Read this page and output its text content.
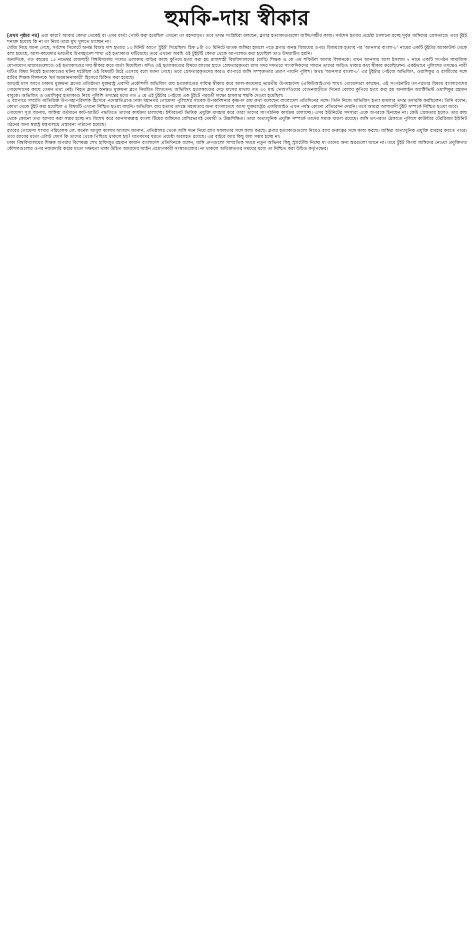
হুমকি-দায় স্বীকার

[প্রথম পৃষ্ঠার পর] এরা কারা? আবার কোথা থেকেই বা এসব বার্তা পোস্ট করা হয়েছিল এখনো তা রহস্যাবৃত। তবে তদন্ত সংশ্লিষ্টরা বলছেন, ব্লগার হত্যাকাণ্ডগুলো জঙ্গিগোষ্ঠীর কাজ। সর্বশেষ হত্যায় প্রচেষ্টা চালানো হচ্ছে দুর্বৃত্ত জঙ্গিদের গ্রেফতারে। তবে টুইট শনাক্ত হয়েছে কি না তা নিয়ে তারা মুখ খুলতে চাচ্ছেন না।

খোঁজ নিয়ে জানা গেছে, সর্বশেষ সিলেটে অনন্ত বিজয় দাশ হত্যার ১৩ মিনিট আগে 'টুইট' দিয়েছিল। ঠিক ৮টা ৩০ মিনিটে ঘাতক জঙ্গিরা হামলে পড়ে ব্লগার অনন্ত বিজয়ের ওপর। বিজয়কে হত্যার পর 'আনসার বাংলা-৮' নামের একটি টুইটার অ্যাকাউন্ট থেকে বলা হয়েছে, আল-কায়েদার ভারতীয় উপমহাদেশ শাখা এই হত্যাকাণ্ড ঘটিয়েছে। তবে এখনো অবধি ওই টুইটটি কোথা থেকে আপলোড করা হয়েছিল তাও উদঘাটিত হয়নি।

অন্যদিকে, গত বছরের ১৫ নভেম্বর রাজশাহী বিশ্ববিদ্যালয় সংলগ্ন এলাকায় বাড়ির কাছে কুপিয়ে হত্যা করা হয় রাজশাহী বিশ্ববিদ্যালয়ের (রাবি) শিক্ষক এ কে এম শফিউল আলম লিলনকে। তখন আনসার আল ইসলাম ৭ নামে একটি সংগঠন সামাজিক যোগাযোগ মাধ্যমগুলোতে ওই হত্যাকাণ্ডের দায় স্বীকার করে বার্তা দিয়েছিল। যদিও ওই হত্যাকাণ্ডের বিষয়ে র‌্যাবের হাতে গ্রেফতারকৃতরা র‌্যাব সদর দফতরে সাংবাদিকদের সামনে তাদের জড়িত থাকার কথা স্বীকার করেছিলেন। একইভাবে পুলিশের তদন্তেও নারী ঘটিত বিষয় নিয়েই হত্যাকাণ্ডের ঘটনা ঘটেছিল ওই বিষয়টি উঠে এসেছে বলে জানা গেছে। তবে গ্রেফতারকৃতদের কারও ব্যাপারে জঙ্গি সম্পৃক্ততার প্রমাণ পায়নি পুলিশ। অথচ 'আনসার বাংলা-৮' এর টুইটার পেইজে অভিজিৎ, ওয়াশিকুর ও রাজীবের সঙ্গে রাবির শিক্ষক লিলনকে 'ধর্ম অবমাননাকারী' হিসেবে চিহ্নিত করা হয়েছে।

আড়াই মাস আগে ঢাকায় মুক্তমনা ব্লগের প্রতিষ্ঠাতা যুক্তরাষ্ট্র প্রবাসী প্রকৌশলী অভিজিৎ রায় হত্যাকাণ্ডের দায়িত্ব স্বীকার করে আল-কায়েদার ভারতীয় উপমহাদেশ (একিউআইএস) শাখা। গোয়েন্দারা বলছেন, এই সংগঠনটির তৎপরতার বিষয়ে বাংলাদেশের গোয়েন্দাদের কাছে তেমন তথ্য নেই। নিহত ব্লগার অনন্তও মুক্তমনা ব্লগে নিয়মিত লিখতেন। অভিজিৎ হত্যাকাণ্ডের দেড় মাসের মাথায় গত ৩০ মার্চ তেজগাঁওয়ের বেগুনবাড়ীতে দিনের বেলায় কুপিয়ে হত্যা করা হয় অনলাইন অ্যাক্টিভিস্ট ওয়াশিকুর রহমান বাবুকে। অভিজিৎ ও ওয়াশিকুর হত্যাকাণ্ড নিয়ে পুলিশি তদন্তের মধ্যে গত ৫ মে এই টুইটার পেইজে এক টুইটে পরবর্তী লক্ষ্যে হামলার হুমকি দেওয়া হয়েছিল।

এ ব্যাপারে সম্প্রতি অতিরিক্ত উপ-মহাপরিদর্শক হিসেবে পদোন্নতিপ্রাপ্ত ঢাকা মহানগর গোয়েন্দা পুলিশের সাবেক উপকমিশনার কৃষ্ণপদ রায় কথা বলেছেন বাংলাদেশ প্রতিদিনের সঙ্গে। তিনি নিজে অভিজিৎ হত্যা মামলার তদন্ত তদারকি করছিলেন। তিনি বলেন, কোথা থেকে টুইট করা হয়েছিল এ বিষয়টি এখনো নিশ্চিত হওয়া যায়নি। অভিজিৎ রায় হত্যার তদন্তে সহায়তার জন্য বাংলাদেশে আসা যুক্তরাষ্ট্রের এফবিআইও এখন পর্যন্ত কোনো প্রতিবেদন দেয়নি। তবে আমরা আশাবাদী টুইট সম্পর্কে নিশ্চিত হওয়া যাবে।

গোয়েন্দা সূত্র জানায়, জঙ্গিরা বর্তমানে কাট-আউট পদ্ধতিতে তাদের কার্যক্রম চালাচ্ছে। ইন্টারনেট ভিত্তিক প্রযুক্তি ব্যবহার করে তারা তাদের সাংগঠনিক কার্যক্রম চালাচ্ছে। এসব ইউনিটের সদস্যরা একে অপরকে চিনছেন না। কেউ গ্রেফতার হলেও তার কাছ থেকে কোনো তথ্য আদায় করা সম্ভব হচ্ছে না। বিশেষ করে আনসারুল্লাহ বাংলা টিমের জঙ্গিদের বেশিরভাগই মেধাবী ও উচ্চশিক্ষিত। তারা অত্যাধুনিক প্রযুক্তি সম্পর্কে তাদের সম্যক ধারণা রয়েছে। জঙ্গি তৎপরতা ঠেকাতে পুলিশে কাউন্টার টেররিজম ইউনিট গঠনের জন্য স্বরাষ্ট্র মন্ত্রণালয়ে প্রস্তাবনা পাঠানো হয়েছে।

র‌্যাবের গোয়েন্দা শাখার পরিচালক লে. কর্নেল আবুল কালাম আজাদ জানান, প্রতিষ্ঠালগ্ন থেকে জঙ্গি দমন নিয়ে র‌্যাব সফলতার সঙ্গে কাজ করছে। ব্লগার হত্যাকাণ্ডগুলো নিয়েও র‌্যাব গুরুত্বের সঙ্গে কাজ করছে। জঙ্গিরা অত্যাধুনিক প্রযুক্তি ব্যবহার করতে পারে। তবে র‌্যাবের মতো এলিট ফোর্স কি তাদের থেকে পিছিয়ে থাকলে হয়? ঘাতকদের ধরতে প্রচেষ্টা অব্যাহত রয়েছে। এর বাইরে আর কিছু বলা সম্ভব হচ্ছে না।

ঢাকা বিশ্ববিদ্যালয়ের শিক্ষক অপরাধ বিশেষজ্ঞ শেখ হাফিজুর রহমান কার্জন বাংলাদেশ প্রতিদিনকে বলেন, জঙ্গি গ্রুপগুলো সাম্প্রতিক সময়ে নতুন অভিনব কিছু স্ট্র্যাটেজি নিচ্ছে যা তাদের অন্য স্তরগুলো জানে না। তবে টুইট কিংবা জঙ্গিদের নেওয়া প্রযুক্তিগত কৌশলগুলোর ওপর নজরদারি করার মতো সক্ষমতা থাকা উচিত আমাদের আইন প্রয়োগকারী সংস্থাগুলোর। না থাকলে অতিদ্রুততর সময়ের মধ্যে তা নিশ্চিত করা উচিত কর্তৃপক্ষের।
